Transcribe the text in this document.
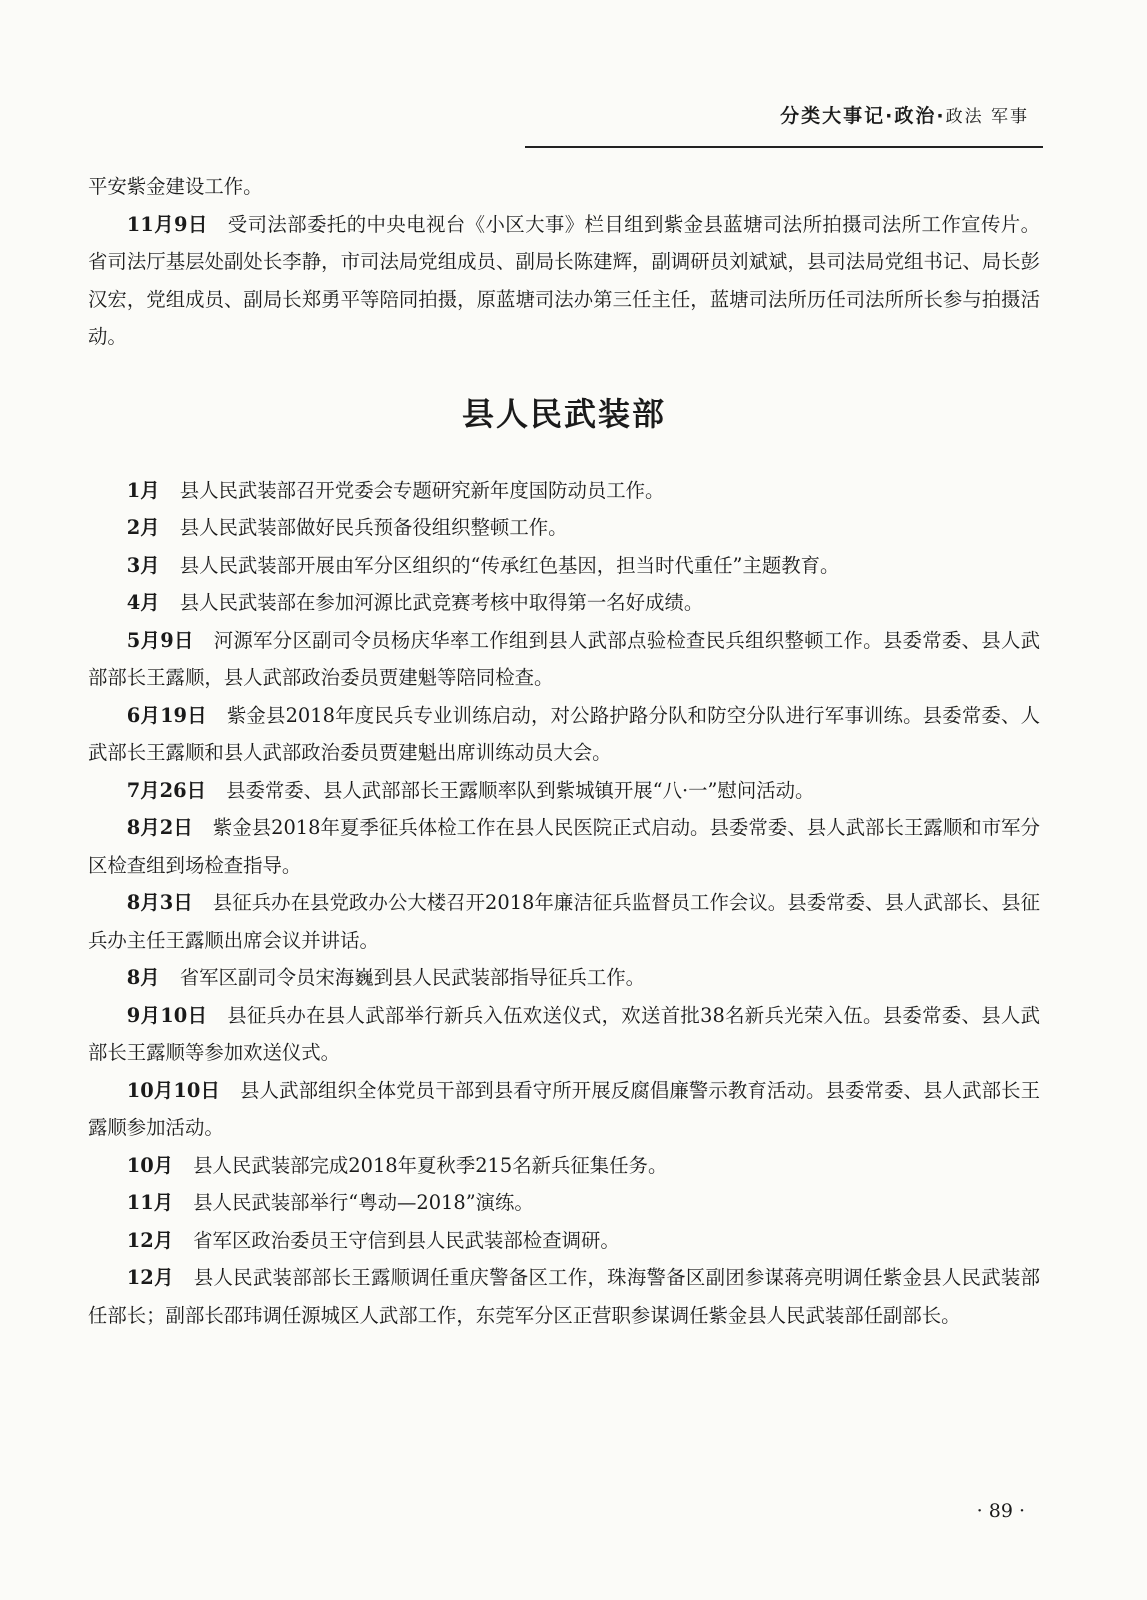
分类大事记·政治·政法 军事

平安紫金建设工作。

11月9日 受司法部委托的中央电视台《小区大事》栏目组到紫金县蓝塘司法所拍摄司法所工作宣传片。省司法厅基层处副处长李静，市司法局党组成员、副局长陈建辉，副调研员刘斌斌，县司法局党组书记、局长彭汉宏，党组成员、副局长郑勇平等陪同拍摄，原蓝塘司法办第三任主任，蓝塘司法所历任司法所所长参与拍摄活动。

县人民武装部

1月 县人民武装部召开党委会专题研究新年度国防动员工作。

2月 县人民武装部做好民兵预备役组织整顿工作。

3月 县人民武装部开展由军分区组织的“传承红色基因，担当时代重任”主题教育。

4月 县人民武装部在参加河源比武竞赛考核中取得第一名好成绩。

5月9日 河源军分区副司令员杨庆华率工作组到县人武部点验检查民兵组织整顿工作。县委常委、县人武部部长王露顺，县人武部政治委员贾建魁等陪同检查。

6月19日 紫金县2018年度民兵专业训练启动，对公路护路分队和防空分队进行军事训练。县委常委、人武部长王露顺和县人武部政治委员贾建魁出席训练动员大会。

7月26日 县委常委、县人武部部长王露顺率队到紫城镇开展“八·一”慰问活动。

8月2日 紫金县2018年夏季征兵体检工作在县人民医院正式启动。县委常委、县人武部长王露顺和市军分区检查组到场检查指导。

8月3日 县征兵办在县党政办公大楼召开2018年廉洁征兵监督员工作会议。县委常委、县人武部长、县征兵办主任王露顺出席会议并讲话。

8月 省军区副司令员宋海巍到县人民武装部指导征兵工作。

9月10日 县征兵办在县人武部举行新兵入伍欢送仪式，欢送首批38名新兵光荣入伍。县委常委、县人武部长王露顺等参加欢送仪式。

10月10日 县人武部组织全体党员干部到县看守所开展反腐倡廉警示教育活动。县委常委、县人武部长王露顺参加活动。

10月 县人民武装部完成2018年夏秋季215名新兵征集任务。

11月 县人民武装部举行“粤动—2018”演练。

12月 省军区政治委员王守信到县人民武装部检查调研。

12月 县人民武装部部长王露顺调任重庆警备区工作，珠海警备区副团参谋蒋亮明调任紫金县人民武装部任部长；副部长邵玮调任源城区人武部工作，东莞军分区正营职参谋调任紫金县人民武装部任副部长。

· 89 ·
